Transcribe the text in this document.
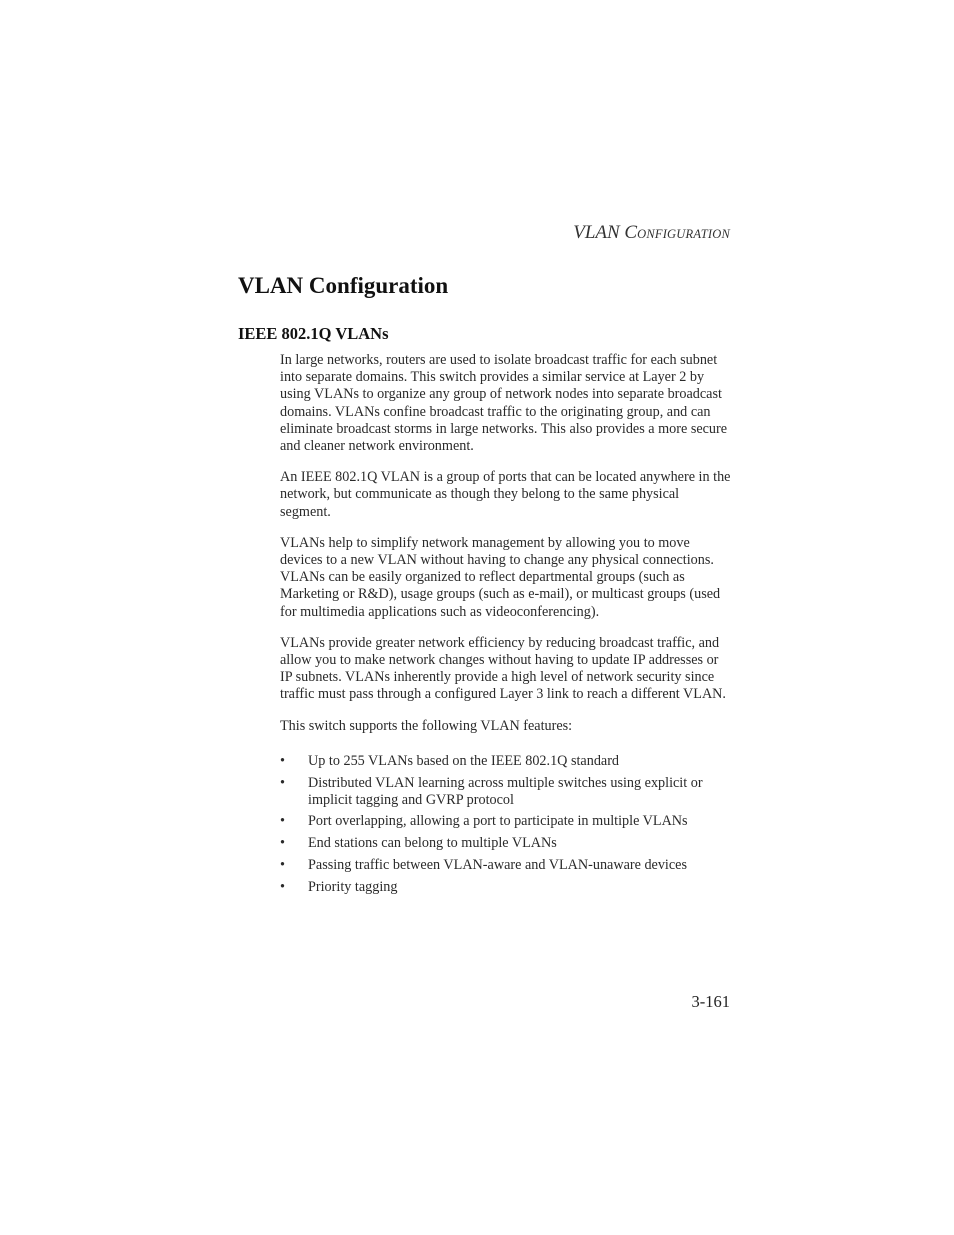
VLAN CONFIGURATION
VLAN Configuration
IEEE 802.1Q VLANs

In large networks, routers are used to isolate broadcast traffic for each subnet into separate domains. This switch provides a similar service at Layer 2 by using VLANs to organize any group of network nodes into separate broadcast domains. VLANs confine broadcast traffic to the originating group, and can eliminate broadcast storms in large networks. This also provides a more secure and cleaner network environment.

An IEEE 802.1Q VLAN is a group of ports that can be located anywhere in the network, but communicate as though they belong to the same physical segment.

VLANs help to simplify network management by allowing you to move devices to a new VLAN without having to change any physical connections. VLANs can be easily organized to reflect departmental groups (such as Marketing or R&D), usage groups (such as e-mail), or multicast groups (used for multimedia applications such as videoconferencing).

VLANs provide greater network efficiency by reducing broadcast traffic, and allow you to make network changes without having to update IP addresses or IP subnets. VLANs inherently provide a high level of network security since traffic must pass through a configured Layer 3 link to reach a different VLAN.

This switch supports the following VLAN features:

• Up to 255 VLANs based on the IEEE 802.1Q standard
• Distributed VLAN learning across multiple switches using explicit or implicit tagging and GVRP protocol
• Port overlapping, allowing a port to participate in multiple VLANs
• End stations can belong to multiple VLANs
• Passing traffic between VLAN-aware and VLAN-unaware devices
• Priority tagging
3-161
